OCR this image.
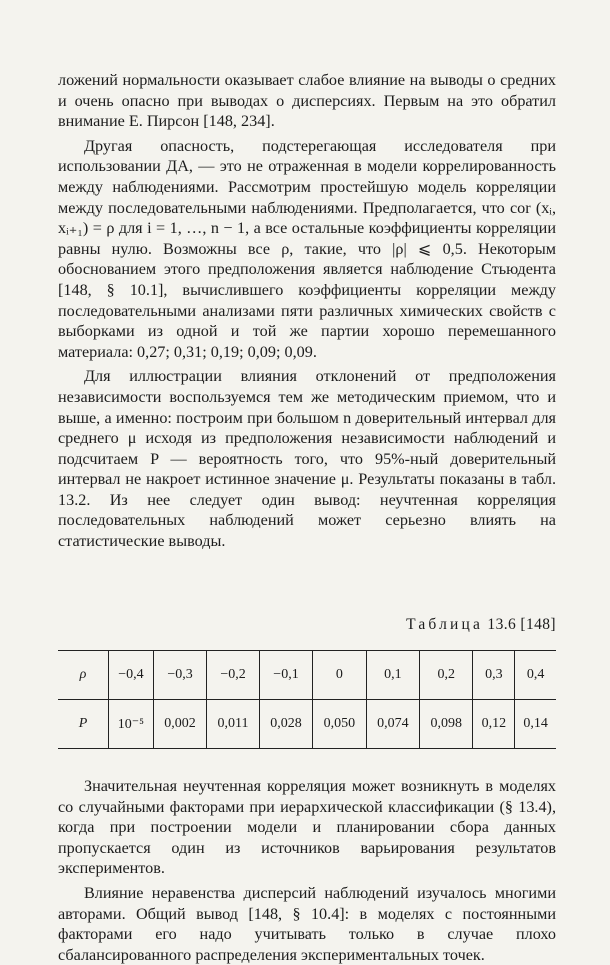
ложений нормальности оказывает слабое влияние на выводы о средних и очень опасно при выводах о дисперсиях. Первым на это обратил внимание Е. Пирсон [148, 234].

Другая опасность, подстерегающая исследователя при использовании ДА, — это не отраженная в модели коррелированность между наблюдениями. Рассмотрим простейшую модель корреляции между последовательными наблюдениями. Предполагается, что cor (xᵢ, xᵢ₊₁) = ρ для i = 1, …, n − 1, а все остальные коэффициенты корреляции равны нулю. Возможны все ρ, такие, что |ρ| ⩽ 0,5. Некоторым обоснованием этого предположения является наблюдение Стьюдента [148, § 10.1], вычислившего коэффициенты корреляции между последовательными анализами пяти различных химических свойств с выборками из одной и той же партии хорошо перемешанного материала: 0,27; 0,31; 0,19; 0,09; 0,09.

Для иллюстрации влияния отклонений от предположения независимости воспользуемся тем же методическим приемом, что и выше, а именно: построим при большом n доверительный интервал для среднего μ исходя из предположения независимости наблюдений и подсчитаем P — вероятность того, что 95%-ный доверительный интервал не накроет истинное значение μ. Результаты показаны в табл. 13.2. Из нее следует один вывод: неучтенная корреляция последовательных наблюдений может серьезно влиять на статистические выводы.

Таблица 13.6 [148]
ρ	−0,4	−0,3	−0,2	−0,1	0	0,1	0,2	0,3	0,4
P	10⁻⁵	0,002	0,011	0,028	0,050	0,074	0,098	0,12	0,14

Значительная неучтенная корреляция может возникнуть в моделях со случайными факторами при иерархической классификации (§ 13.4), когда при построении модели и планировании сбора данных пропускается один из источников варьирования результатов экспериментов.

Влияние неравенства дисперсий наблюдений изучалось многими авторами. Общий вывод [148, § 10.4]: в моделях с постоянными факторами его надо учитывать только в случае плохо сбалансированного распределения экспериментальных точек.
